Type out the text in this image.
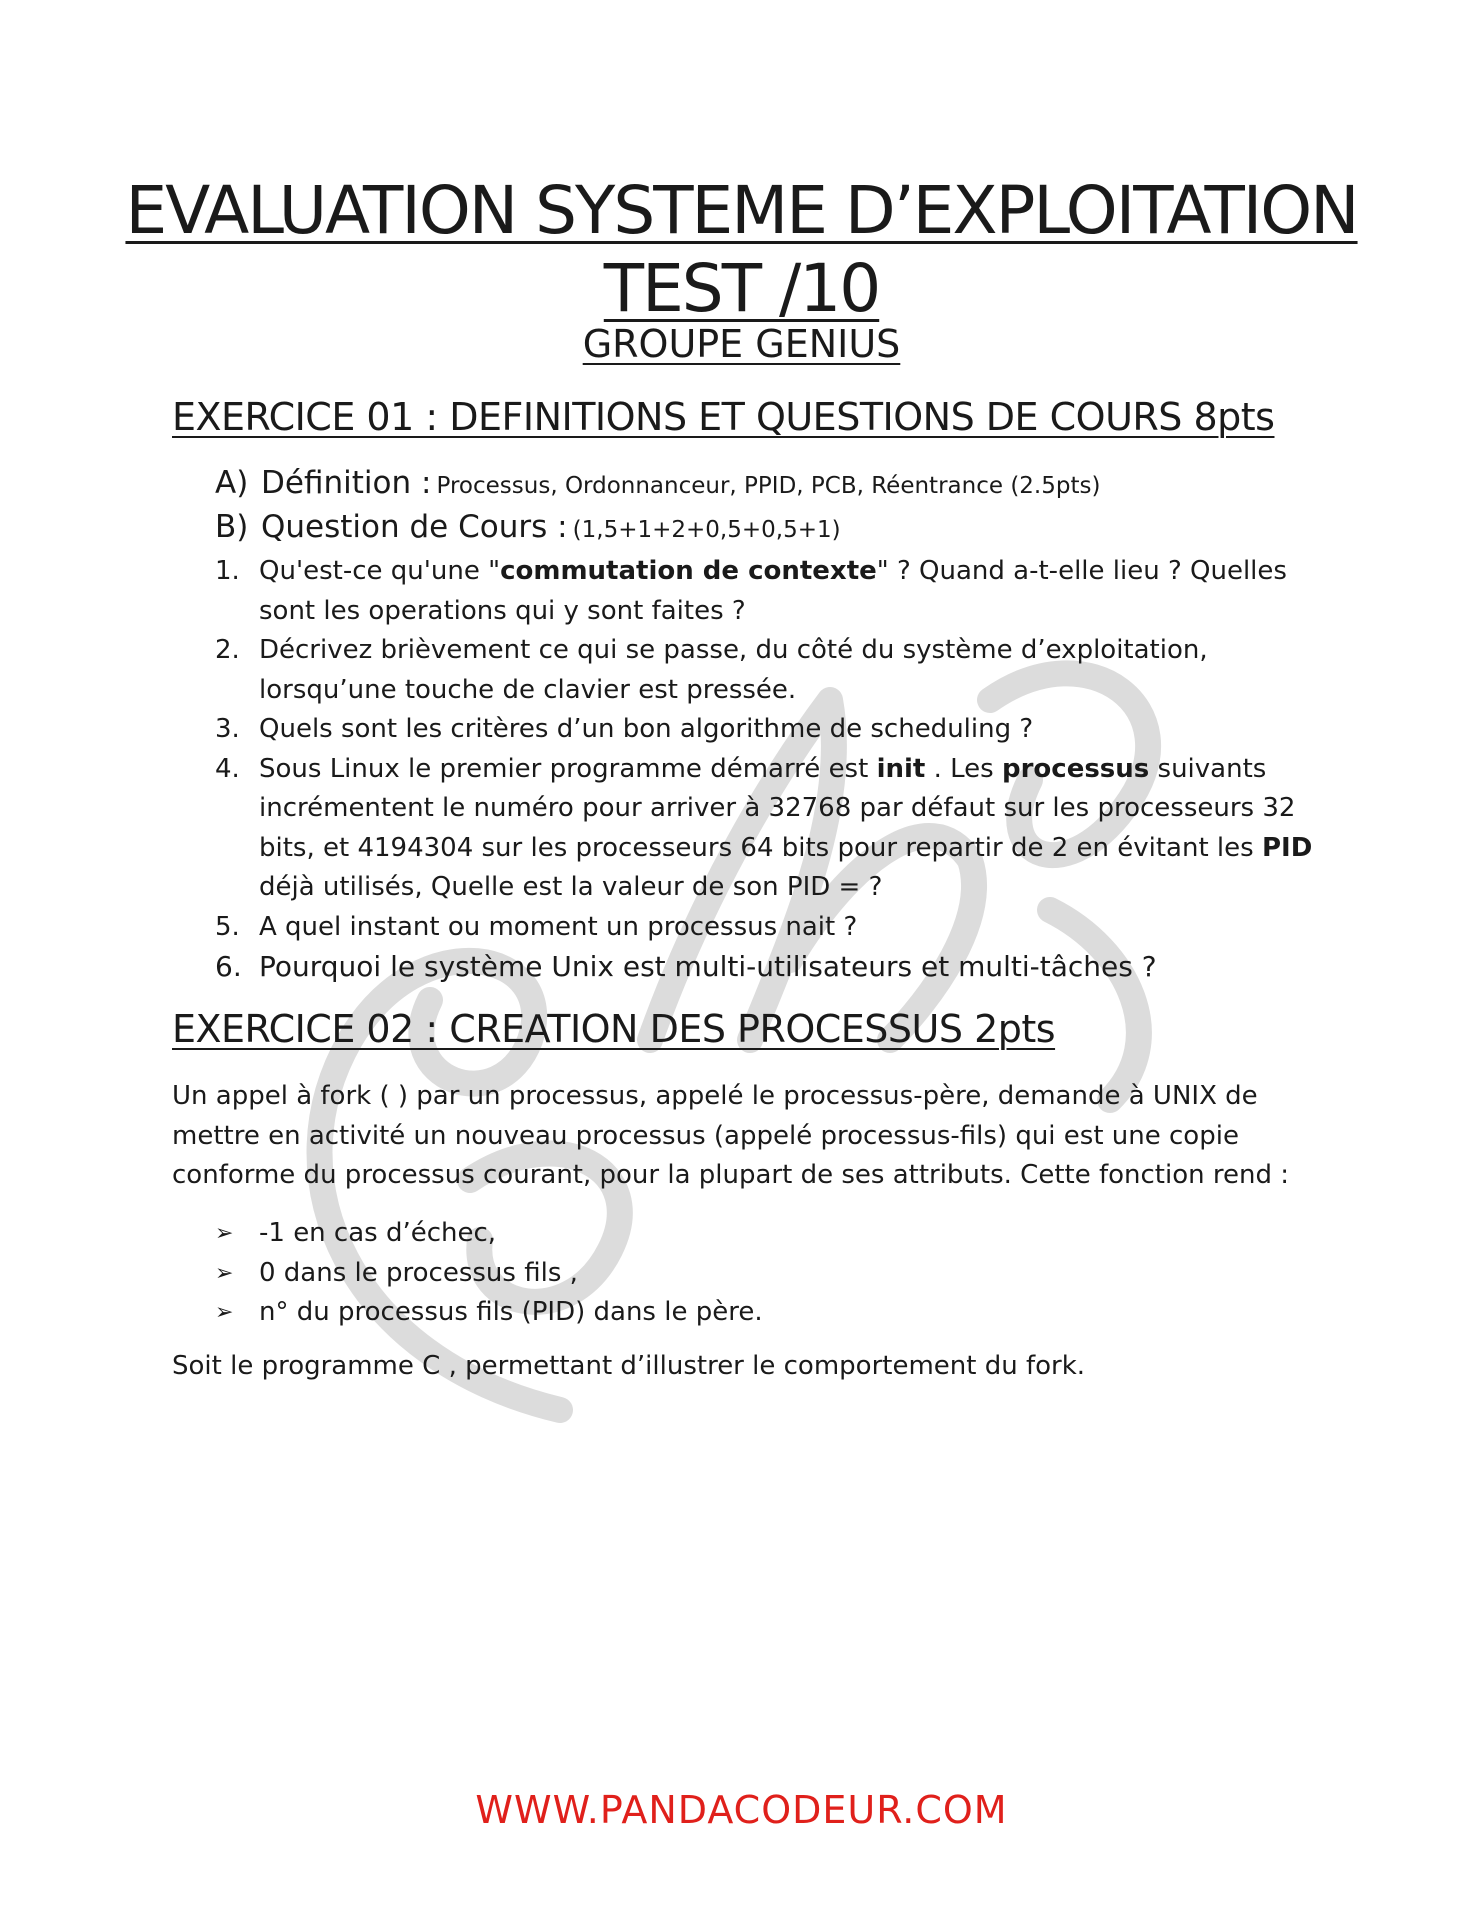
EVALUATION SYSTEME D’EXPLOITATION
TEST /10
GROUPE GENIUS
EXERCICE 01 : DEFINITIONS ET QUESTIONS DE COURS 8pts
A) Définition : Processus, Ordonnanceur, PPID, PCB, Réentrance (2.5pts)
B) Question de Cours : (1,5+1+2+0,5+0,5+1)
1. Qu'est-ce qu'une "commutation de contexte" ? Quand a-t-elle lieu ? Quelles sont les operations qui y sont faites ?
2. Décrivez brièvement ce qui se passe, du côté du système d’exploitation, lorsqu’une touche de clavier est pressée.
3. Quels sont les critères d’un bon algorithme de scheduling ?
4. Sous Linux le premier programme démarré est init . Les processus suivants incrémentent le numéro pour arriver à 32768 par défaut sur les processeurs 32 bits, et 4194304 sur les processeurs 64 bits pour repartir de 2 en évitant les PID déjà utilisés, Quelle est la valeur de son PID = ?
5. A quel instant ou moment un processus nait ?
6. Pourquoi le système Unix est multi-utilisateurs et multi-tâches ?
EXERCICE 02 : CREATION DES PROCESSUS 2pts

Un appel à fork ( ) par un processus, appelé le processus-père, demande à UNIX de mettre en activité un nouveau processus (appelé processus-fils) qui est une copie conforme du processus courant, pour la plupart de ses attributs. Cette fonction rend :

➢ -1 en cas d’échec,
➢ 0 dans le processus fils ,
➢ n° du processus fils (PID) dans le père.

Soit le programme C , permettant d’illustrer le comportement du fork.

WWW.PANDACODEUR.COM
